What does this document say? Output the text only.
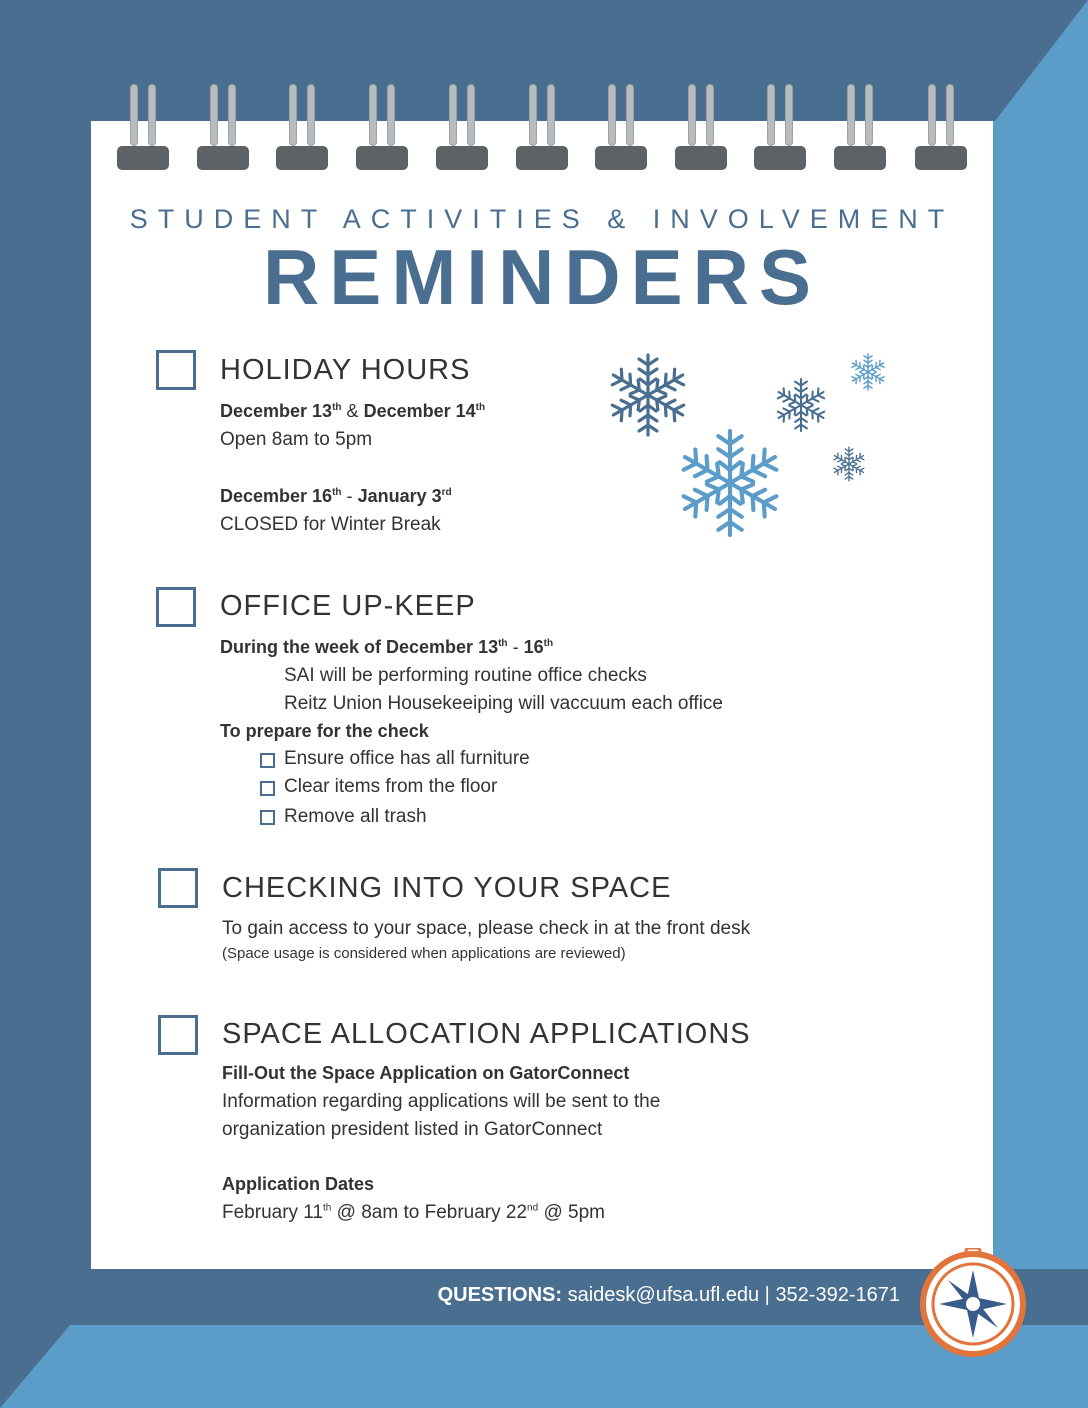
STUDENT ACTIVITIES & INVOLVEMENT
REMINDERS
HOLIDAY HOURS
December 13th & December 14th
Open 8am to 5pm
December 16th - January 3rd
CLOSED for Winter Break
OFFICE UP-KEEP
During the week of December 13th - 16th
SAI will be performing routine office checks
Reitz Union Housekeeiping will vaccuum each office
To prepare for the check
Ensure office has all furniture
Clear items from the floor
Remove all trash
CHECKING INTO YOUR SPACE
To gain access to your space, please check in at the front desk
(Space usage is considered when applications are reviewed)
SPACE ALLOCATION APPLICATIONS
Fill-Out the Space Application on GatorConnect
Information regarding applications will be sent to the
organization president listed in GatorConnect
Application Dates
February 11th @ 8am to February 22nd @ 5pm
QUESTIONS: saidesk@ufsa.ufl.edu | 352-392-1671
